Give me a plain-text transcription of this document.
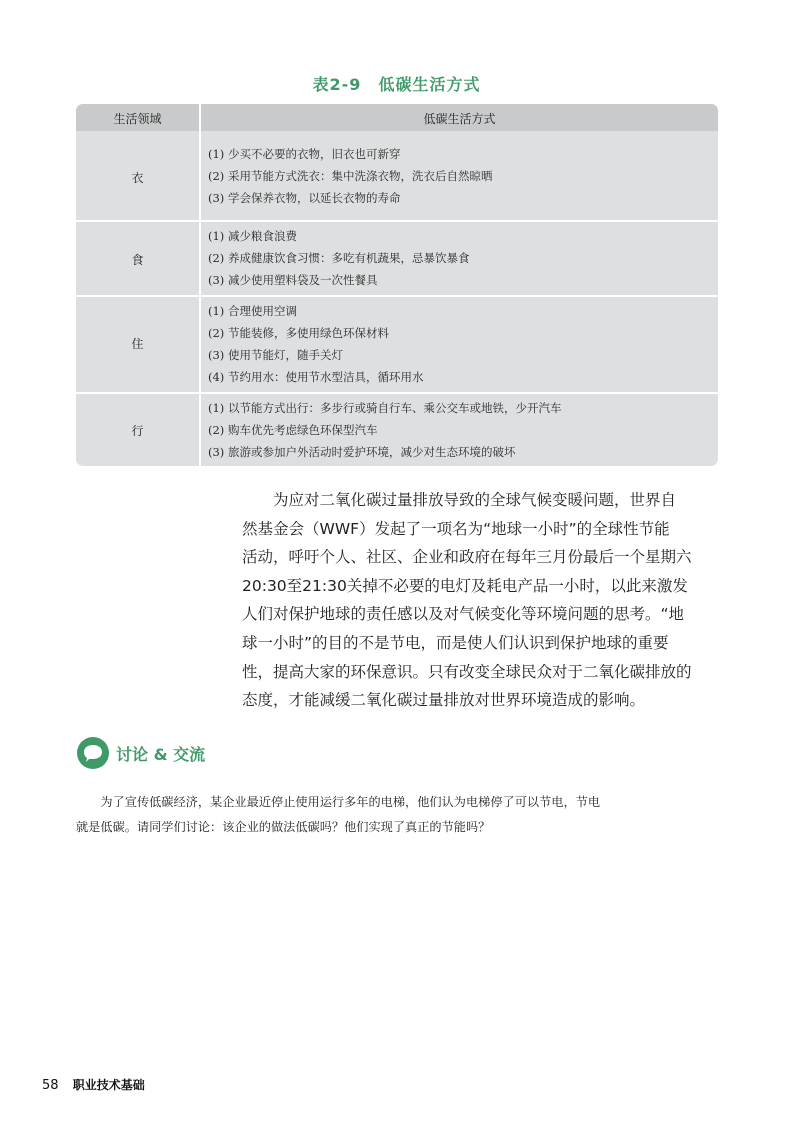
表2-9　低碳生活方式
生活领域	低碳生活方式
衣
(1) 少买不必要的衣物，旧衣也可新穿
(2) 采用节能方式洗衣：集中洗涤衣物，洗衣后自然晾晒
(3) 学会保养衣物，以延长衣物的寿命
食
(1) 减少粮食浪费
(2) 养成健康饮食习惯：多吃有机蔬果，忌暴饮暴食
(3) 减少使用塑料袋及一次性餐具
住
(1) 合理使用空调
(2) 节能装修，多使用绿色环保材料
(3) 使用节能灯，随手关灯
(4) 节约用水：使用节水型洁具，循环用水
行
(1) 以节能方式出行：多步行或骑自行车、乘公交车或地铁，少开汽车
(2) 购车优先考虑绿色环保型汽车
(3) 旅游或参加户外活动时爱护环境，减少对生态环境的破坏
　　为应对二氧化碳过量排放导致的全球气候变暖问题，世界自
然基金会（WWF）发起了一项名为“地球一小时”的全球性节能
活动，呼吁个人、社区、企业和政府在每年三月份最后一个星期六
20:30至21:30关掉不必要的电灯及耗电产品一小时，以此来激发
人们对保护地球的责任感以及对气候变化等环境问题的思考。“地
球一小时”的目的不是节电，而是使人们认识到保护地球的重要
性，提高大家的环保意识。只有改变全球民众对于二氧化碳排放的
态度，才能减缓二氧化碳过量排放对世界环境造成的影响。
讨论 & 交流
　　为了宣传低碳经济，某企业最近停止使用运行多年的电梯，他们认为电梯停了可以节电，节电
就是低碳。请同学们讨论：该企业的做法低碳吗？他们实现了真正的节能吗？
58 职业技术基础
